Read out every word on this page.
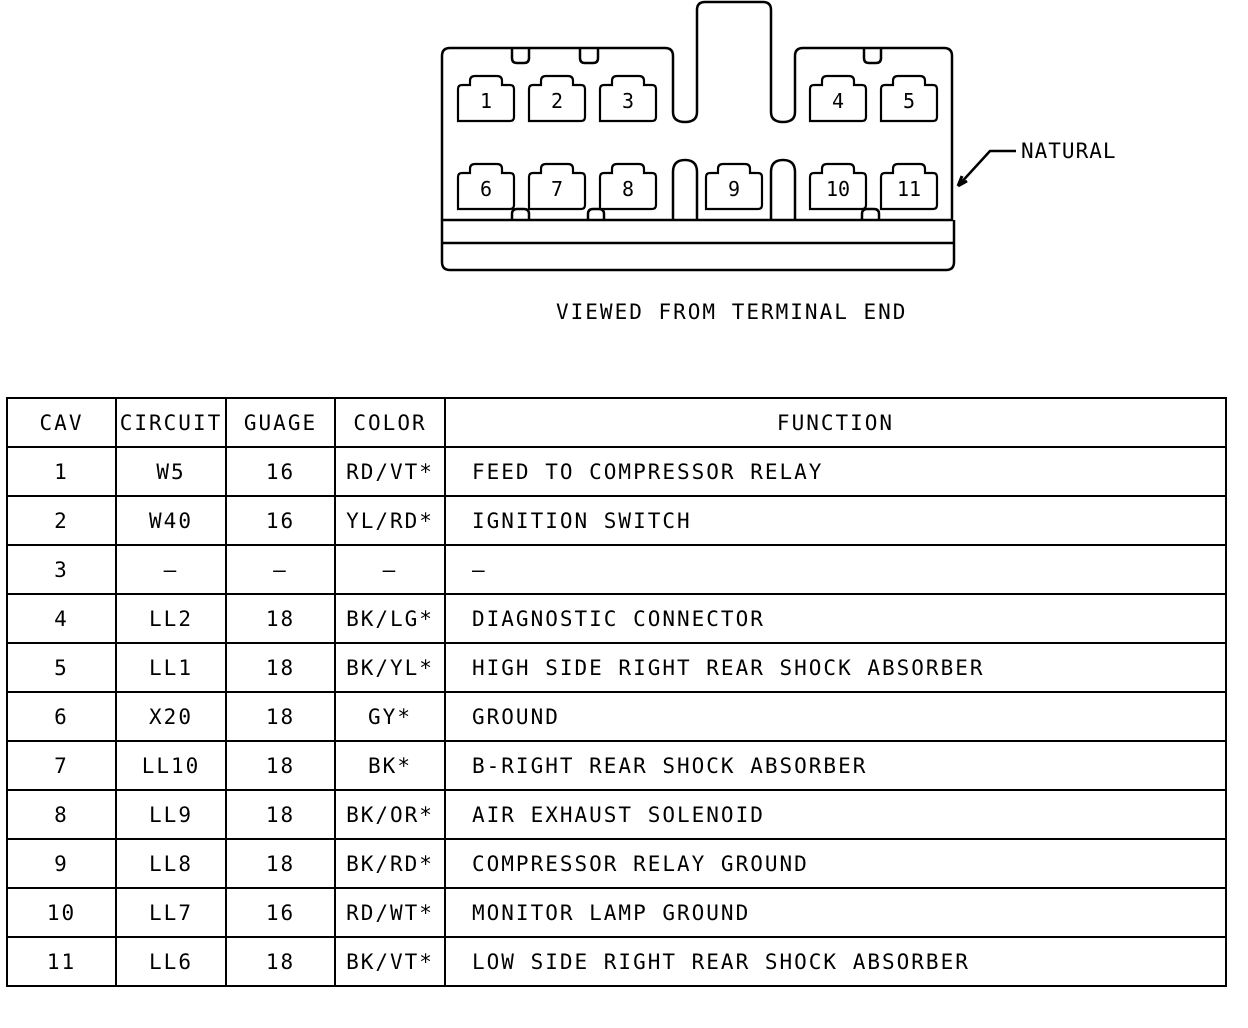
1	2	3	4	5
6	7	8	9	10 11
NATURAL
VIEWED FROM TERMINAL END
CAV	CIRCUIT	GUAGE	COLOR	FUNCTION
1	W5	16	RD/VT*	FEED TO COMPRESSOR RELAY
2	W40	16	YL/RD*	IGNITION SWITCH
3	—	—	—	—
4	LL2	18	BK/LG*	DIAGNOSTIC CONNECTOR
5	LL1	18	BK/YL*	HIGH SIDE RIGHT REAR SHOCK ABSORBER
6	X20	18	GY*	GROUND
7	LL10	18	BK*	B-RIGHT REAR SHOCK ABSORBER
8	LL9	18	BK/OR*	AIR EXHAUST SOLENOID
9	LL8	18	BK/RD*	COMPRESSOR RELAY GROUND
10	LL7	16	RD/WT*	MONITOR LAMP GROUND
11	LL6	18	BK/VT*	LOW SIDE RIGHT REAR SHOCK ABSORBER
